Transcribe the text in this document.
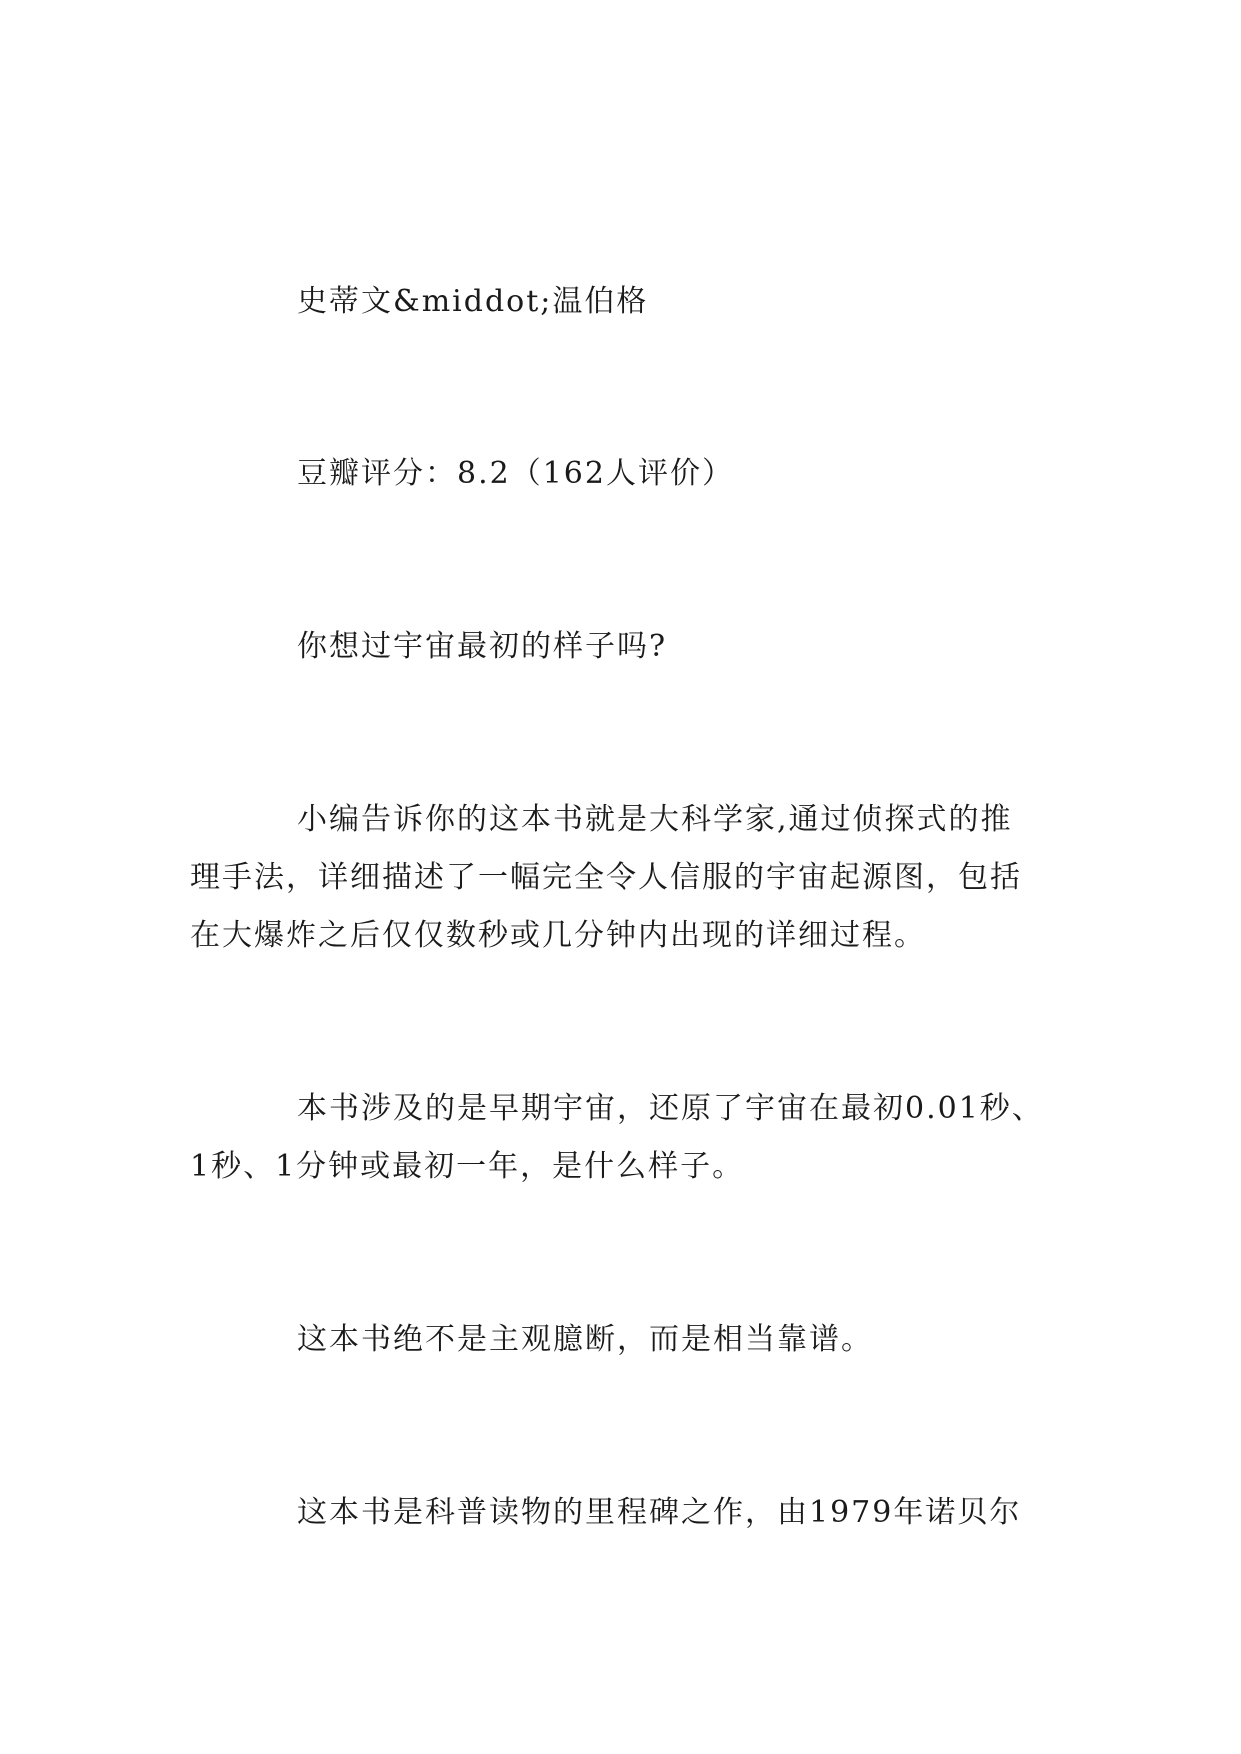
史蒂文&middot;温伯格
豆瓣评分：8.2（162人评价）
你想过宇宙最初的样子吗?
小编告诉你的这本书就是大科学家,通过侦探式的推
理手法，详细描述了一幅完全令人信服的宇宙起源图，包括
在大爆炸之后仅仅数秒或几分钟内出现的详细过程。
本书涉及的是早期宇宙，还原了宇宙在最初0.01秒、
1秒、1分钟或最初一年，是什么样子。
这本书绝不是主观臆断，而是相当靠谱。
这本书是科普读物的里程碑之作，由1979年诺贝尔
